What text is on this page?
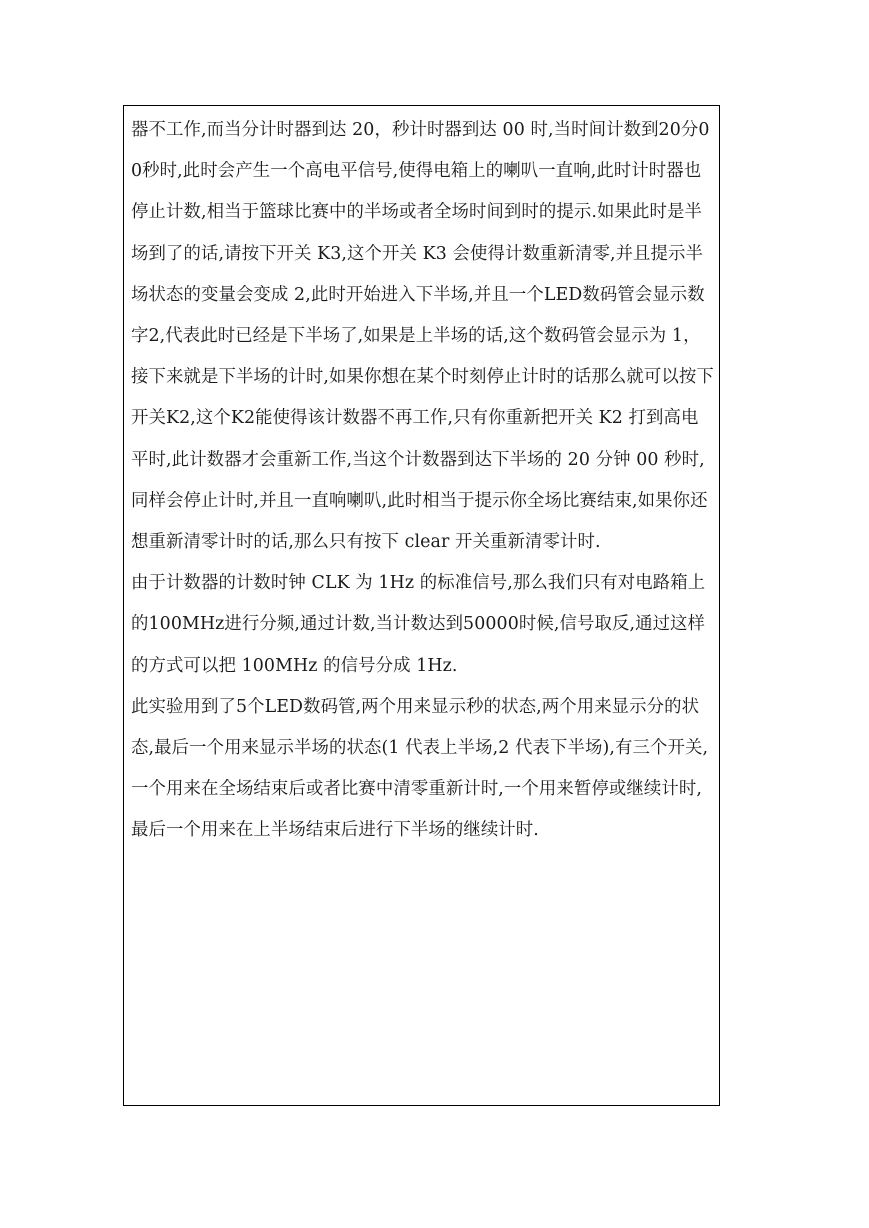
器不工作,而当分计时器到达 20，秒计时器到达 00 时,当时间计数到20分00秒时,此时会产生一个高电平信号,使得电箱上的喇叭一直响,此时计时器也停止计数,相当于篮球比赛中的半场或者全场时间到时的提示.如果此时是半场到了的话,请按下开关 K3,这个开关 K3 会使得计数重新清零,并且提示半场状态的变量会变成 2,此时开始进入下半场,并且一个LED数码管会显示数字2,代表此时已经是下半场了,如果是上半场的话,这个数码管会显示为 1，接下来就是下半场的计时,如果你想在某个时刻停止计时的话那么就可以按下开关K2,这个K2能使得该计数器不再工作,只有你重新把开关 K2 打到高电平时,此计数器才会重新工作,当这个计数器到达下半场的 20 分钟 00 秒时,同样会停止计时,并且一直响喇叭,此时相当于提示你全场比赛结束,如果你还想重新清零计时的话,那么只有按下 clear 开关重新清零计时.

由于计数器的计数时钟 CLK 为 1Hz 的标准信号,那么我们只有对电路箱上的100MHz进行分频,通过计数,当计数达到50000时候,信号取反,通过这样的方式可以把 100MHz 的信号分成 1Hz.

此实验用到了5个LED数码管,两个用来显示秒的状态,两个用来显示分的状态,最后一个用来显示半场的状态(1 代表上半场,2 代表下半场),有三个开关,一个用来在全场结束后或者比赛中清零重新计时,一个用来暂停或继续计时,最后一个用来在上半场结束后进行下半场的继续计时.
